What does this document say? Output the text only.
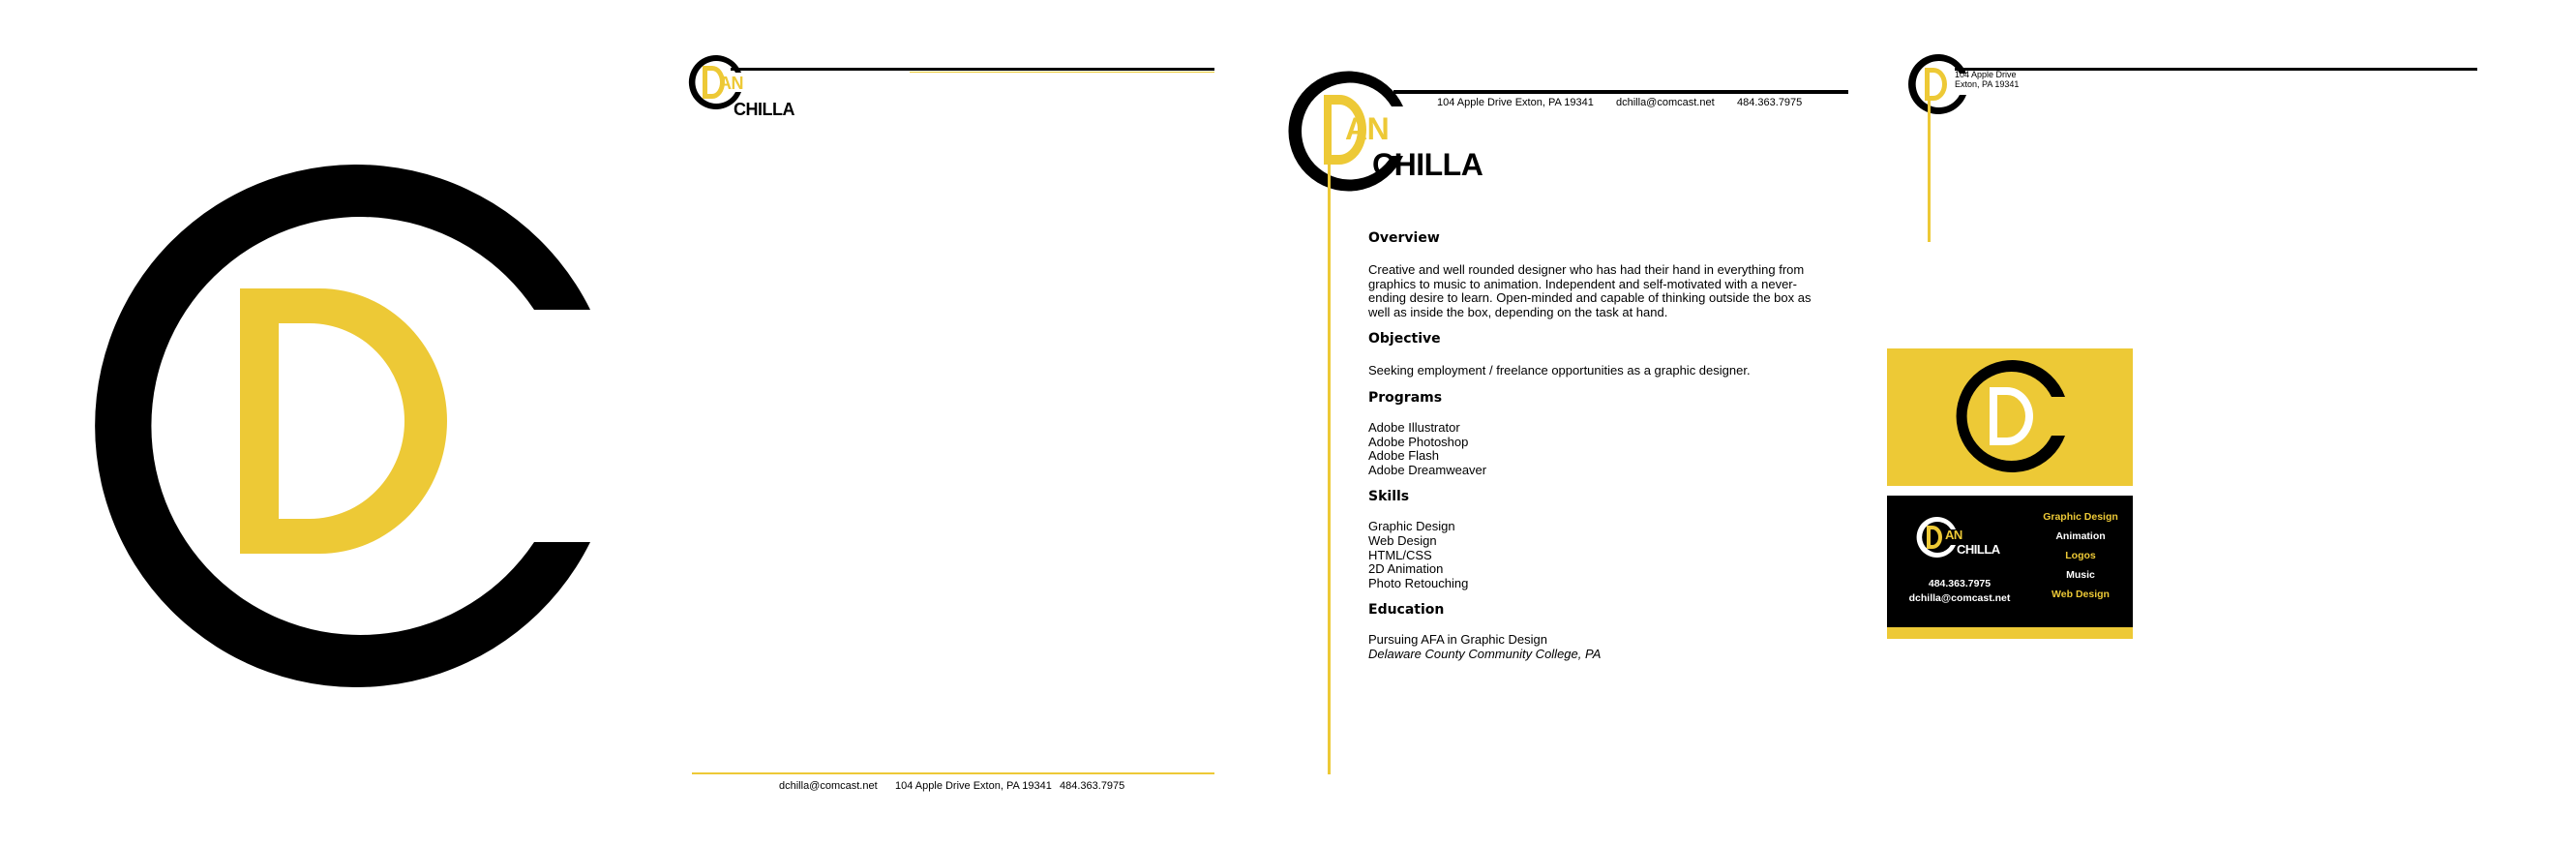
AN
CHILLA
dchilla@comcast.net 104 Apple Drive Exton, PA 19341 484.363.7975
AN
CHILLA
104 Apple Drive Exton, PA 19341 dchilla@comcast.net 484.363.7975
Overview
Creative and well rounded designer who has had their hand in everything from graphics to music to animation. Independent and self-motivated with a never-ending desire to learn. Open-minded and capable of thinking outside the box as well as inside the box, depending on the task at hand.
Objective
Seeking employment / freelance opportunities as a graphic designer.
Programs
Adobe Illustrator
Adobe Photoshop
Adobe Flash
Adobe Dreamweaver
Skills
Graphic Design
Web Design
HTML/CSS
2D Animation
Photo Retouching
Education
Pursuing AFA in Graphic Design
Delaware County Community College, PA
104 Apple Drive
Exton, PA 19341
AN
CHILLA
484.363.7975
dchilla@comcast.net
Graphic Design
Animation
Logos
Music
Web Design
